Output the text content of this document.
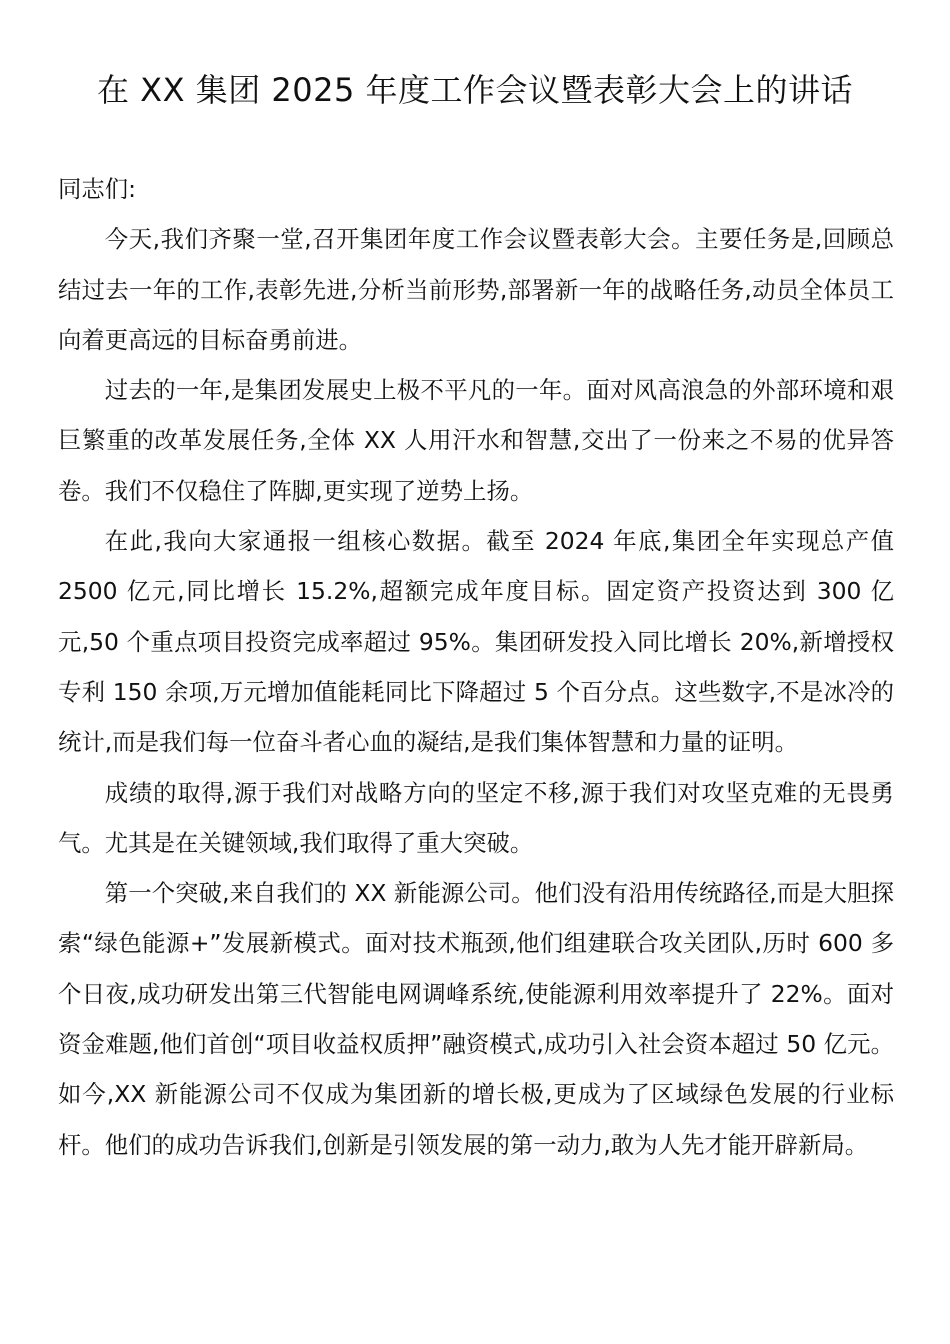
在 XX 集团 2025 年度工作会议暨表彰大会上的讲话

同志们:

今天,我们齐聚一堂,召开集团年度工作会议暨表彰大会。主要任务是,回顾总结过去一年的工作,表彰先进,分析当前形势,部署新一年的战略任务,动员全体员工向着更高远的目标奋勇前进。

过去的一年,是集团发展史上极不平凡的一年。面对风高浪急的外部环境和艰巨繁重的改革发展任务,全体 XX 人用汗水和智慧,交出了一份来之不易的优异答卷。我们不仅稳住了阵脚,更实现了逆势上扬。

在此,我向大家通报一组核心数据。截至 2024 年底,集团全年实现总产值 2500 亿元,同比增长 15.2%,超额完成年度目标。固定资产投资达到 300 亿元,50 个重点项目投资完成率超过 95%。集团研发投入同比增长 20%,新增授权专利 150 余项,万元增加值能耗同比下降超过 5 个百分点。这些数字,不是冰冷的统计,而是我们每一位奋斗者心血的凝结,是我们集体智慧和力量的证明。

成绩的取得,源于我们对战略方向的坚定不移,源于我们对攻坚克难的无畏勇气。尤其是在关键领域,我们取得了重大突破。

第一个突破,来自我们的 XX 新能源公司。他们没有沿用传统路径,而是大胆探索“绿色能源+”发展新模式。面对技术瓶颈,他们组建联合攻关团队,历时 600 多个日夜,成功研发出第三代智能电网调峰系统,使能源利用效率提升了 22%。面对资金难题,他们首创“项目收益权质押”融资模式,成功引入社会资本超过 50 亿元。如今,XX 新能源公司不仅成为集团新的增长极,更成为了区域绿色发展的行业标杆。他们的成功告诉我们,创新是引领发展的第一动力,敢为人先才能开辟新局。
